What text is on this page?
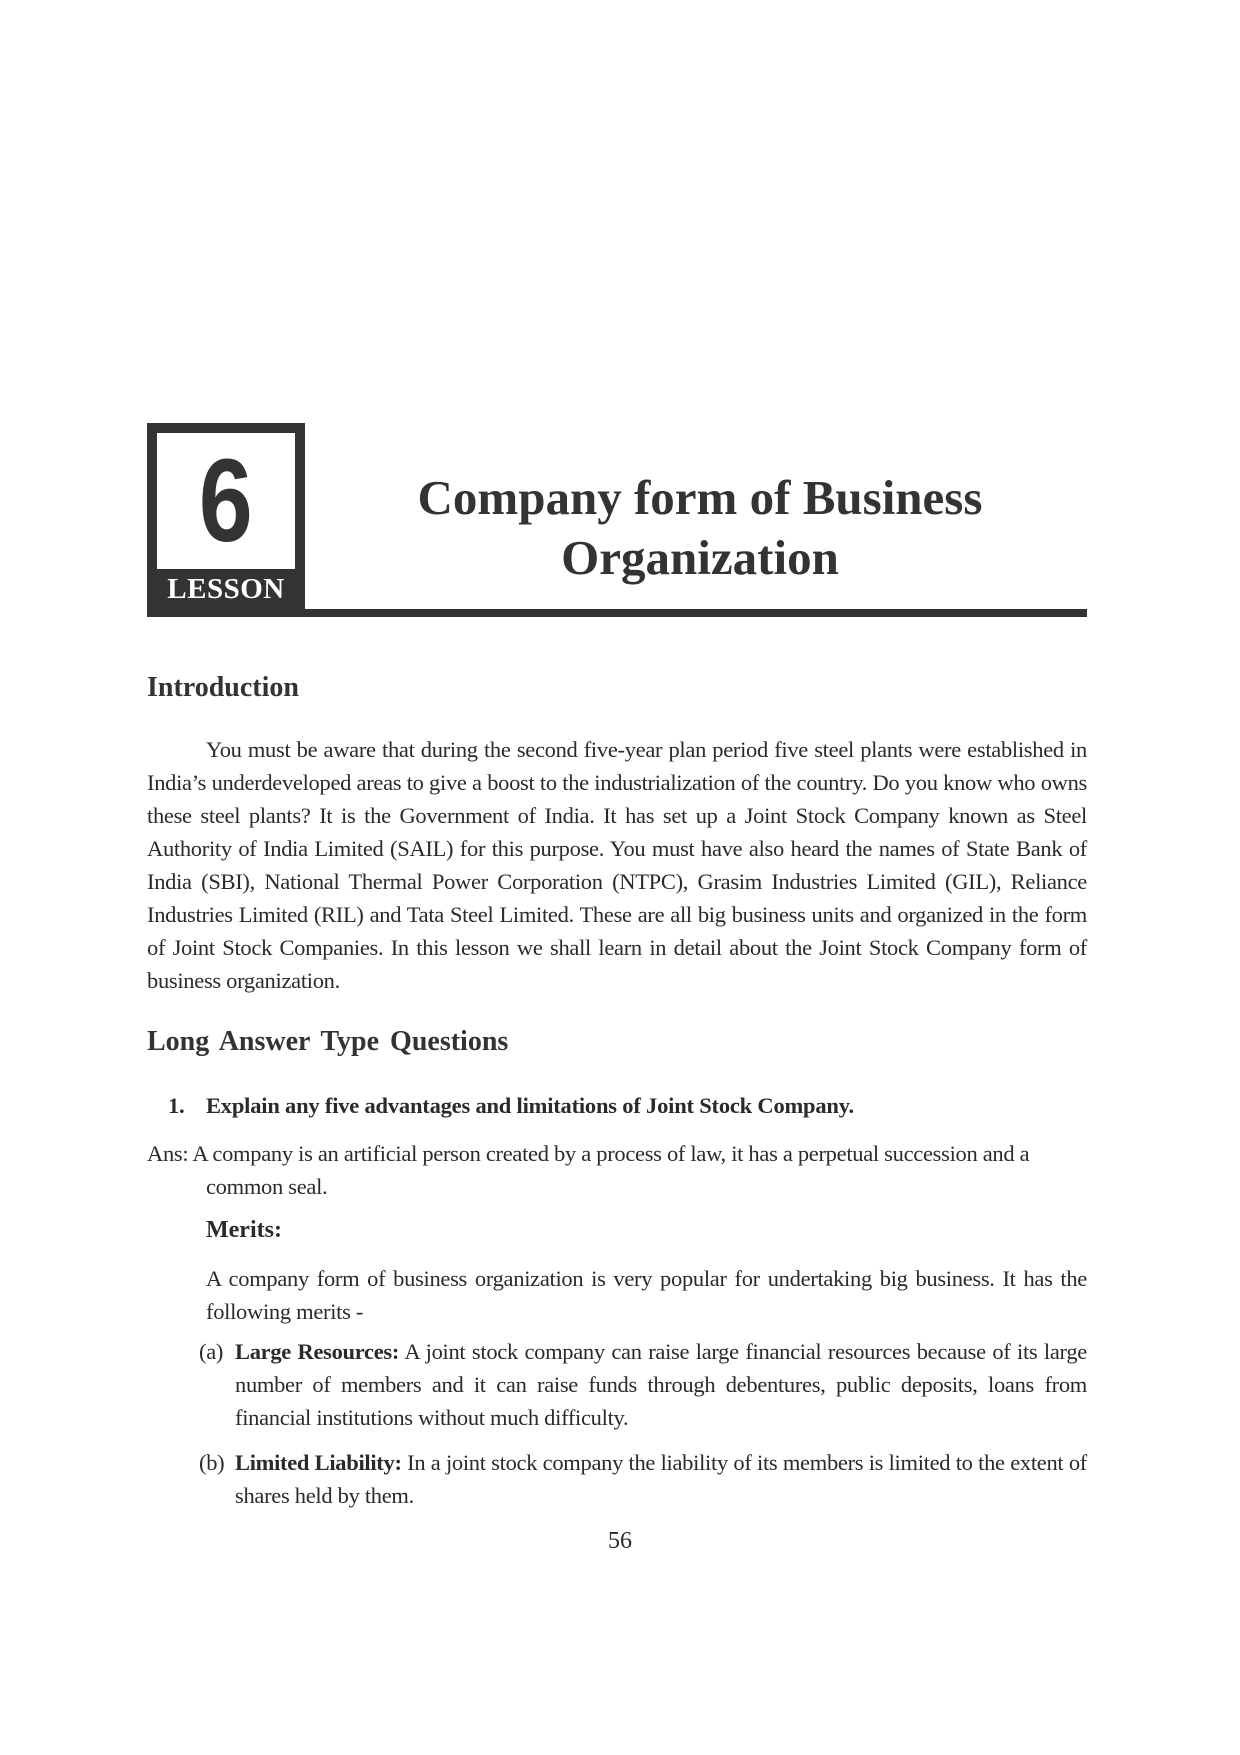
6
LESSON
Company form of Business
Organization
Introduction

You must be aware that during the second five-year plan period five steel plants were established in India’s underdeveloped areas to give a boost to the industrialization of the country. Do you know who owns these steel plants? It is the Government of India. It has set up a Joint Stock Company known as Steel Authority of India Limited (SAIL) for this purpose. You must have also heard the names of State Bank of India (SBI), National Thermal Power Corporation (NTPC), Grasim Industries Limited (GIL), Reliance Industries Limited (RIL) and Tata Steel Limited. These are all big business units and organized in the form of Joint Stock Companies. In this lesson we shall learn in detail about the Joint Stock Company form of business organization.

Long Answer Type Questions
1. Explain any five advantages and limitations of Joint Stock Company.

Ans: A company is an artificial person created by a process of law, it has a perpetual succession and a common seal.

Merits:

A company form of business organization is very popular for undertaking big business. It has the following merits -

(a) Large Resources: A joint stock company can raise large financial resources because of its large number of members and it can raise funds through debentures, public deposits, loans from financial institutions without much difficulty.

(b) Limited Liability: In a joint stock company the liability of its members is limited to the extent of shares held by them.

56
